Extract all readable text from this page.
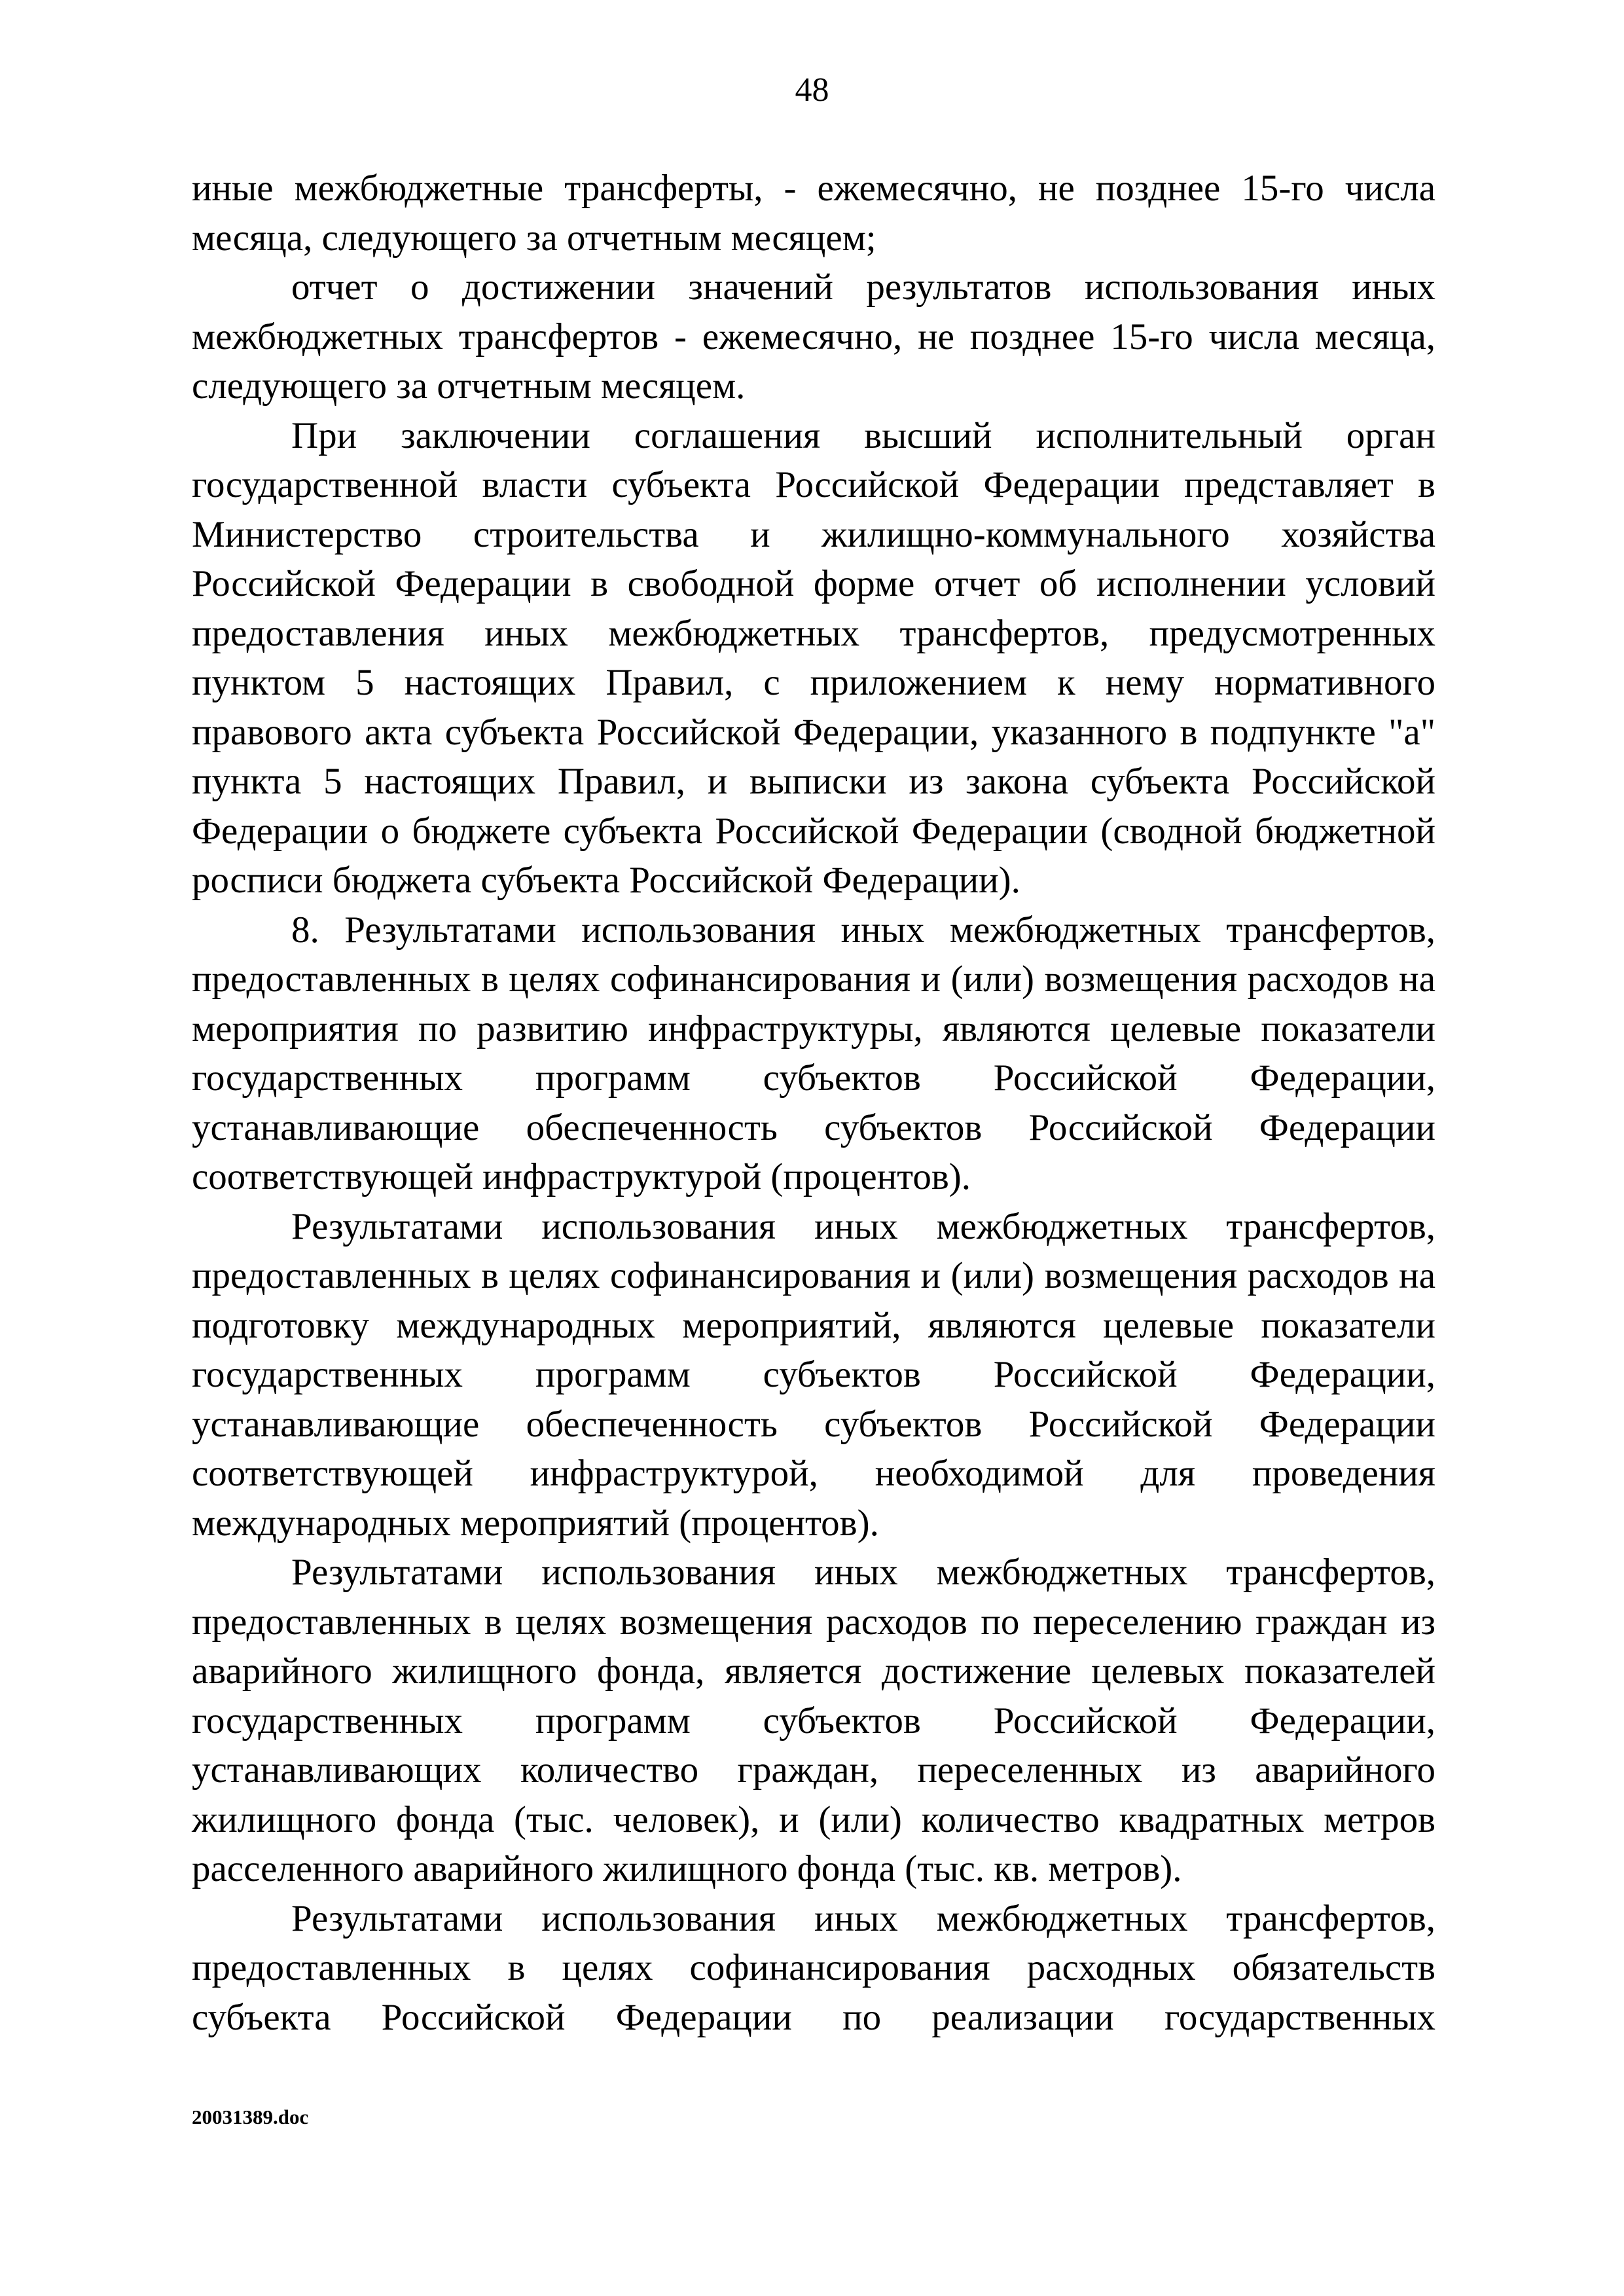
48

иные межбюджетные трансферты, - ежемесячно, не позднее 15-го числа месяца, следующего за отчетным месяцем;

отчет о достижении значений результатов использования иных межбюджетных трансфертов - ежемесячно, не позднее 15-го числа месяца, следующего за отчетным месяцем.

При заключении соглашения высший исполнительный орган государственной власти субъекта Российской Федерации представляет в Министерство строительства и жилищно-коммунального хозяйства Российской Федерации в свободной форме отчет об исполнении условий предоставления иных межбюджетных трансфертов, предусмотренных пунктом 5 настоящих Правил, с приложением к нему нормативного правового акта субъекта Российской Федерации, указанного в подпункте "а" пункта 5 настоящих Правил, и выписки из закона субъекта Российской Федерации о бюджете субъекта Российской Федерации (сводной бюджетной росписи бюджета субъекта Российской Федерации).

8. Результатами использования иных межбюджетных трансфертов, предоставленных в целях софинансирования и (или) возмещения расходов на мероприятия по развитию инфраструктуры, являются целевые показатели государственных программ субъектов Российской Федерации, устанавливающие обеспеченность субъектов Российской Федерации соответствующей инфраструктурой (процентов).

Результатами использования иных межбюджетных трансфертов, предоставленных в целях софинансирования и (или) возмещения расходов на подготовку международных мероприятий, являются целевые показатели государственных программ субъектов Российской Федерации, устанавливающие обеспеченность субъектов Российской Федерации соответствующей инфраструктурой, необходимой для проведения международных мероприятий (процентов).

Результатами использования иных межбюджетных трансфертов, предоставленных в целях возмещения расходов по переселению граждан из аварийного жилищного фонда, является достижение целевых показателей государственных программ субъектов Российской Федерации, устанавливающих количество граждан, переселенных из аварийного жилищного фонда (тыс. человек), и (или) количество квадратных метров расселенного аварийного жилищного фонда (тыс. кв. метров).

Результатами использования иных межбюджетных трансфертов, предоставленных в целях софинансирования расходных обязательств субъекта Российской Федерации по реализации государственных

20031389.doc
